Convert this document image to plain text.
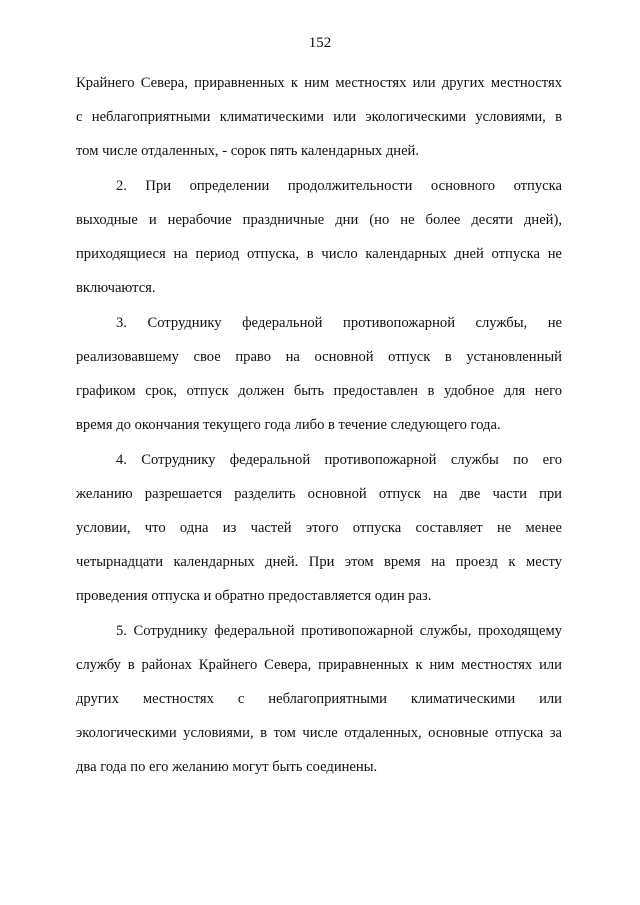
152

Крайнего Севера, приравненных к ним местностях или других местностях
с неблагоприятными климатическими или экологическими условиями, в
том числе отдаленных, - сорок пять календарных дней.

2. При определении продолжительности основного отпуска
выходные и нерабочие праздничные дни (но не более десяти дней),
приходящиеся на период отпуска, в число календарных дней отпуска не
включаются.

3. Сотруднику федеральной противопожарной службы, не
реализовавшему свое право на основной отпуск в установленный
графиком срок, отпуск должен быть предоставлен в удобное для него
время до окончания текущего года либо в течение следующего года.

4. Сотруднику федеральной противопожарной службы по его
желанию разрешается разделить основной отпуск на две части при
условии, что одна из частей этого отпуска составляет не менее
четырнадцати календарных дней. При этом время на проезд к месту
проведения отпуска и обратно предоставляется один раз.

5. Сотруднику федеральной противопожарной службы, проходящему
службу в районах Крайнего Севера, приравненных к ним местностях или
других местностях с неблагоприятными климатическими или
экологическими условиями, в том числе отдаленных, основные отпуска за
два года по его желанию могут быть соединены.
